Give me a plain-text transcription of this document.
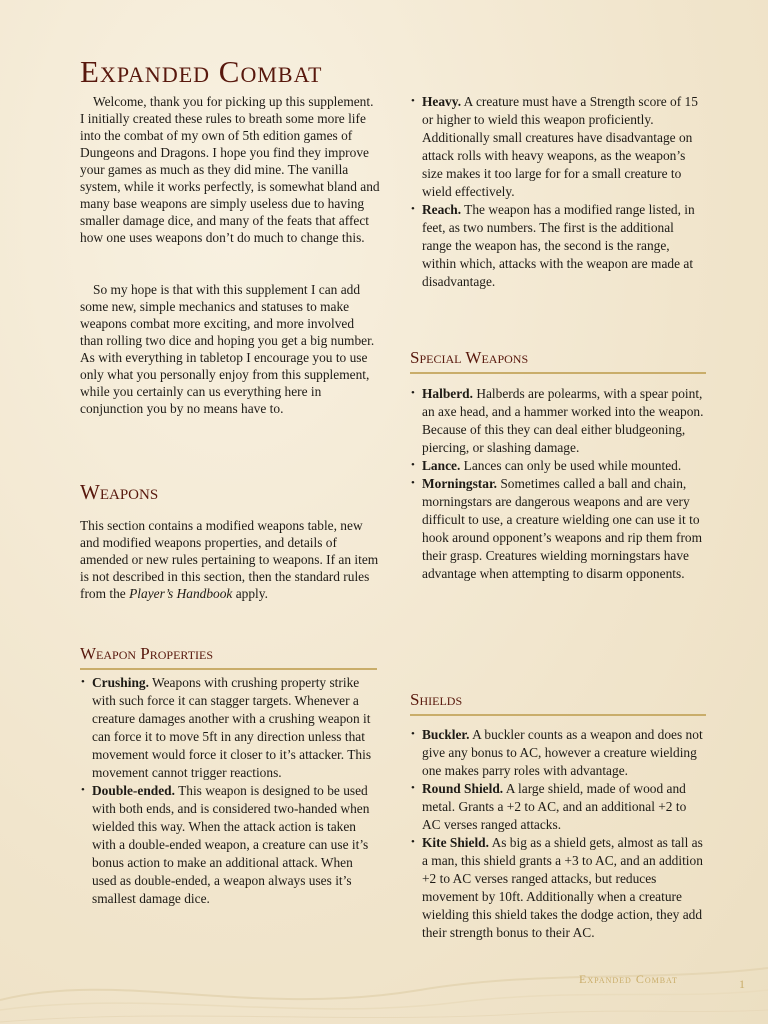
Expanded Combat

Welcome, thank you for picking up this supplement. I initially created these rules to breath some more life into the combat of my own of 5th edition games of Dungeons and Dragons. I hope you find they improve your games as much as they did mine. The vanilla system, while it works perfectly, is somewhat bland and many base weapons are simply useless due to having smaller damage dice, and many of the feats that affect how one uses weapons don’t do much to change this.

So my hope is that with this supplement I can add some new, simple mechanics and statuses to make weapons combat more exciting, and more involved than rolling two dice and hoping you get a big number. As with everything in tabletop I encourage you to use only what you personally enjoy from this supplement, while you certainly can us everything here in conjunction you by no means have to.

Weapons

This section contains a modified weapons table, new and modified weapons properties, and details of amended or new rules pertaining to weapons. If an item is not described in this section, then the standard rules from the Player’s Handbook apply.

Weapon Properties
• Crushing. Weapons with crushing property strike with such force it can stagger targets. Whenever a creature damages another with a crushing weapon it can force it to move 5ft in any direction unless that movement would force it closer to it’s attacker. This movement cannot trigger reactions.
• Double-ended. This weapon is designed to be used with both ends, and is considered two-handed when wielded this way. When the attack action is taken with a double-ended weapon, a creature can use it’s bonus action to make an additional attack. When used as double-ended, a weapon always uses it’s smallest damage dice.
• Heavy. A creature must have a Strength score of 15 or higher to wield this weapon proficiently. Additionally small creatures have disadvantage on attack rolls with heavy weapons, as the weapon’s size makes it too large for for a small creature to wield effectively.
• Reach. The weapon has a modified range listed, in feet, as two numbers. The first is the additional range the weapon has, the second is the range, within which, attacks with the weapon are made at disadvantage.
Special Weapons
• Halberd. Halberds are polearms, with a spear point, an axe head, and a hammer worked into the weapon. Because of this they can deal either bludgeoning, piercing, or slashing damage.
• Lance. Lances can only be used while mounted.
• Morningstar. Sometimes called a ball and chain, morningstars are dangerous weapons and are very difficult to use, a creature wielding one can use it to hook around opponent’s weapons and rip them from their grasp. Creatures wielding morningstars have advantage when attempting to disarm opponents.
Shields
• Buckler. A buckler counts as a weapon and does not give any bonus to AC, however a creature wielding one makes parry roles with advantage.
• Round Shield. A large shield, made of wood and metal. Grants a +2 to AC, and an additional +2 to AC verses ranged attacks.
• Kite Shield. As big as a shield gets, almost as tall as a man, this shield grants a +3 to AC, and an addition +2 to AC verses ranged attacks, but reduces movement by 10ft. Additionally when a creature wielding this shield takes the dodge action, they add their strength bonus to their AC.
Expanded Combat	1
